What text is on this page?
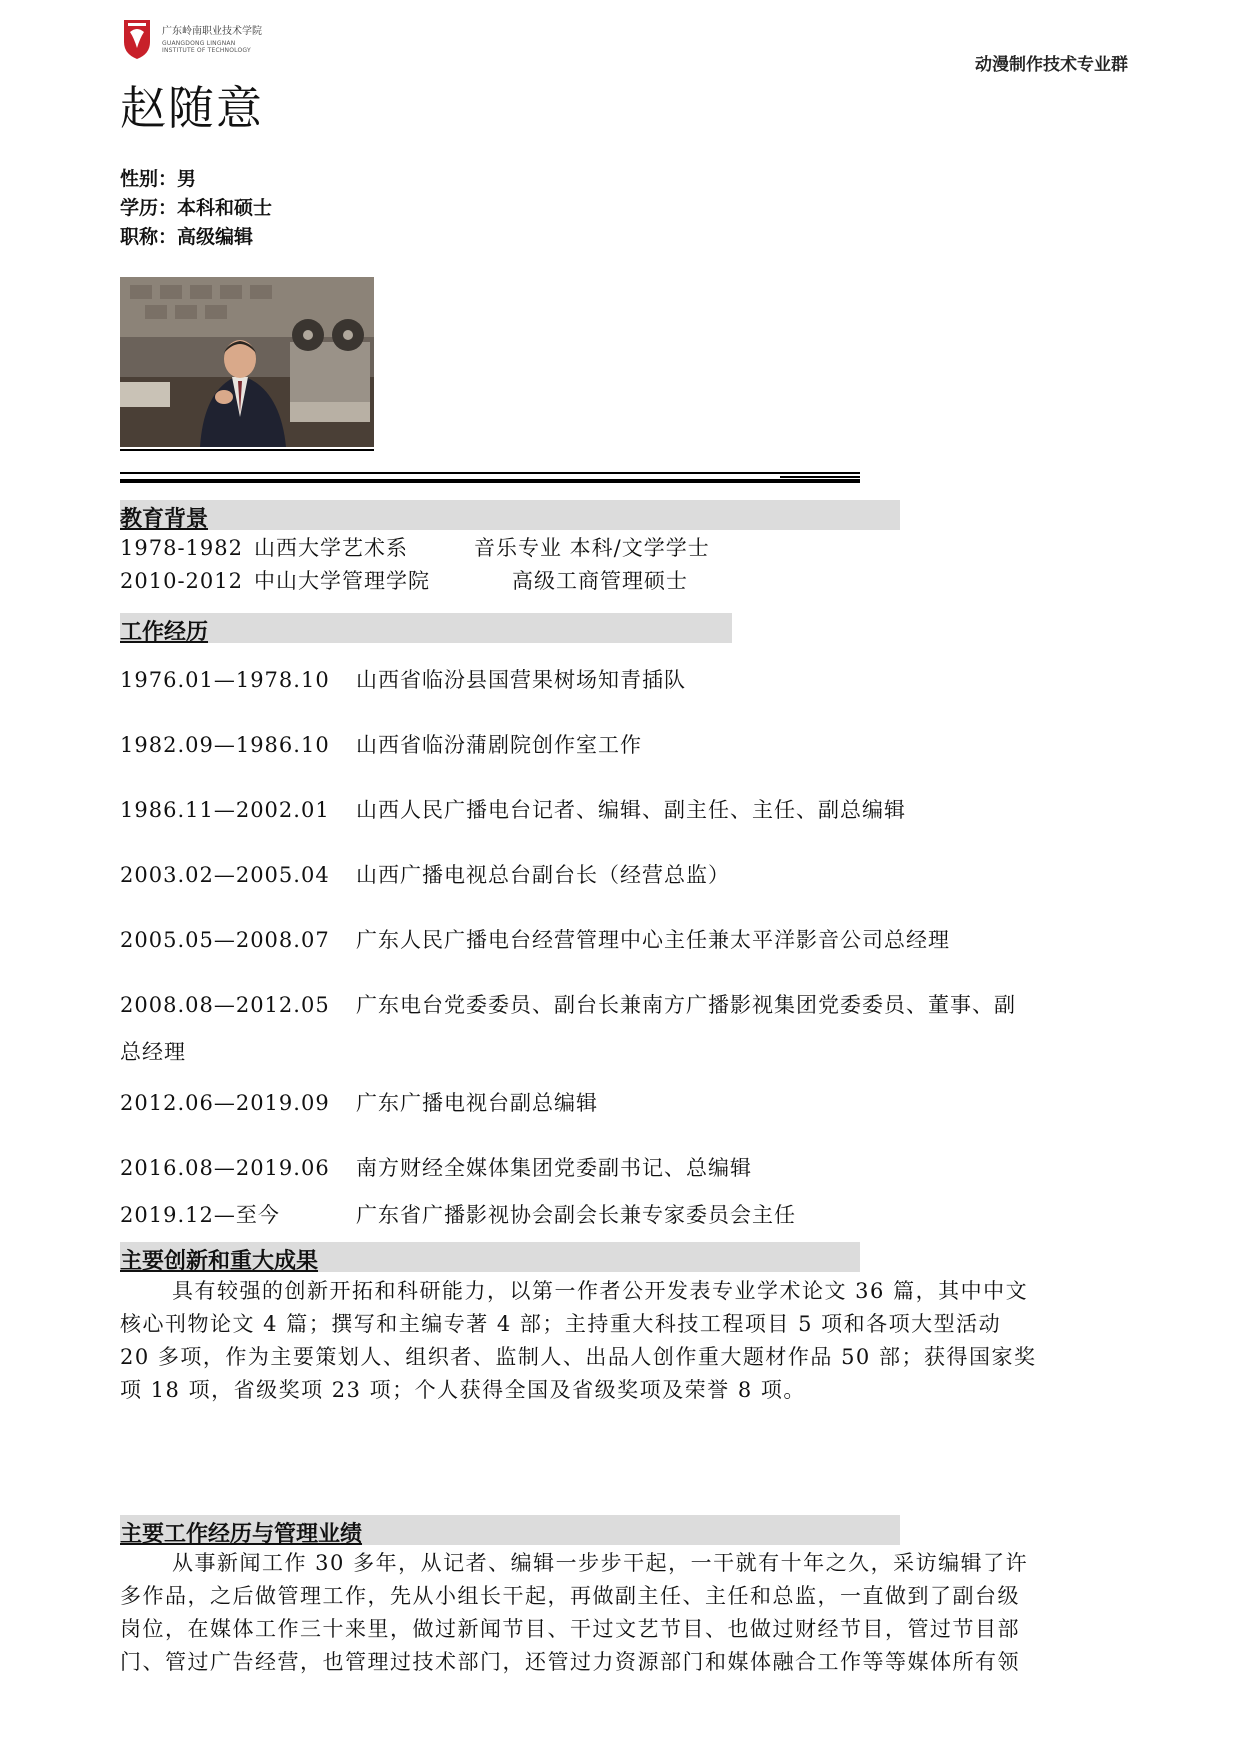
广东岭南职业技术学院
GUANGDONG LINGNAN INSTITUTE OF TECHNOLOGY
动漫制作技术专业群
赵随意
性别：男
学历：本科和硕士
职称：高级编辑
教育背景
1978-1982 山西大学艺术系	音乐专业 本科/文学学士
2010-2012 中山大学管理学院	高级工商管理硕士
工作经历
1976.01—1978.10 山西省临汾县国营果树场知青插队
1982.09—1986.10 山西省临汾蒲剧院创作室工作
1986.11—2002.01 山西人民广播电台记者、编辑、副主任、主任、副总编辑
2003.02—2005.04 山西广播电视总台副台长（经营总监）
2005.05—2008.07 广东人民广播电台经营管理中心主任兼太平洋影音公司总经理
2008.08—2012.05 广东电台党委委员、副台长兼南方广播影视集团党委委员、董事、副
总经理
2012.06—2019.09 广东广播电视台副总编辑
2016.08—2019.06 南方财经全媒体集团党委副书记、总编辑
2019.12—至今	广东省广播影视协会副会长兼专家委员会主任
主要创新和重大成果
具有较强的创新开拓和科研能力，以第一作者公开发表专业学术论文 36 篇，其中中文
核心刊物论文 4 篇；撰写和主编专著 4 部；主持重大科技工程项目 5 项和各项大型活动
20 多项，作为主要策划人、组织者、监制人、出品人创作重大题材作品 50 部；获得国家奖
项 18 项，省级奖项 23 项；个人获得全国及省级奖项及荣誉 8 项。
主要工作经历与管理业绩
从事新闻工作 30 多年，从记者、编辑一步步干起，一干就有十年之久，采访编辑了许
多作品，之后做管理工作，先从小组长干起，再做副主任、主任和总监，一直做到了副台级
岗位，在媒体工作三十来里，做过新闻节目、干过文艺节目、也做过财经节目，管过节目部
门、管过广告经营，也管理过技术部门，还管过力资源部门和媒体融合工作等等媒体所有领
